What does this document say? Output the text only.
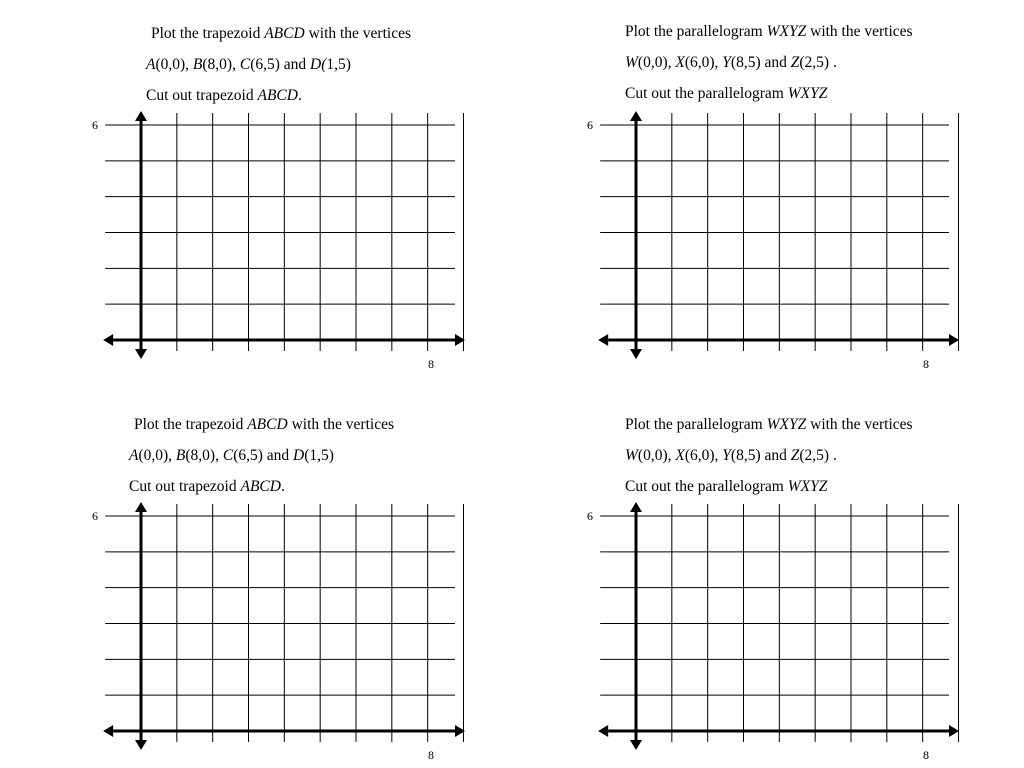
Plot the trapezoid ABCD with the vertices
A(0,0), B(8,0), C(6,5) and D(1,5)
Cut out trapezoid ABCD.
6
8
Plot the parallelogram WXYZ with the vertices
W(0,0), X(6,0), Y(8,5) and Z(2,5) .
Cut out the parallelogram WXYZ
6
8
Plot the trapezoid ABCD with the vertices
A(0,0), B(8,0), C(6,5) and D(1,5)
Cut out trapezoid ABCD.
6
8
Plot the parallelogram WXYZ with the vertices
W(0,0), X(6,0), Y(8,5) and Z(2,5) .
Cut out the parallelogram WXYZ
6
8
